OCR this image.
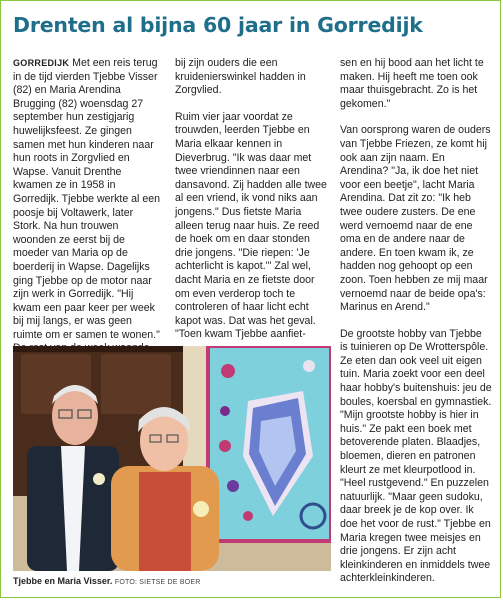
Drenten al bijna 60 jaar in Gorredijk

GORREDIJK Met een reis terug in de tijd vierden Tjebbe Visser (82) en Maria Arendina Brugging (82) woensdag 27 september hun zestigjarig huwelijksfeest. Ze gingen samen met hun kinderen naar hun roots in Zorgvlied en Wapse. Vanuit Drenthe kwamen ze in 1958 in Gorredijk. Tjebbe werkte al een poosje bij Voltawerk, later Stork. Na hun trouwen woonden ze eerst bij de moeder van Maria op de boerderij in Wapse. Dagelijks ging Tjebbe op de motor naar zijn werk in Gorredijk. "Hij kwam een paar keer per week bij mij langs, er was geen ruimte om er samen te wonen."

bij zijn ouders die een kruidenierswinkel hadden in Zorgvlied.

Ruim vier jaar voordat ze trouwden, leerden Tjebbe en Maria elkaar kennen in Dieverbrug. "Ik was daar met twee vriendinnen naar een dansavond. Zij hadden alle twee al een vriend, ik vond niks aan jongens." Dus fietste Maria alleen terug naar huis. Ze reed de hoek om en daar stonden drie jongens. "Die riepen: 'Je achterlicht is kapot.'" Zal wel, dacht Maria en ze fietste door om even verderop toch te controleren of haar licht echt kapot was. Dat was het geval. "Toen kwam Tjebbe aanfiet-

sen en hij bood aan het licht te maken. Hij heeft me toen ook maar thuisgebracht. Zo is het gekomen."

Van oorsprong waren de ouders van Tjebbe Friezen, ze komt hij ook aan zijn naam. En Arendina? "Ja, ik doe het niet voor een beetje", lacht Maria Arendina. Dat zit zo: "Ik heb twee oudere zusters. De ene werd vernoemd naar de ene oma en de andere naar de andere. En toen kwam ik, ze hadden nog gehoopt op een zoon. Toen hebben ze mij maar vernoemd naar de beide opa's: Marinus en Arend."

De grootste hobby van Tjebbe is tuinieren op De Wrotterspôle. Ze eten dan ook veel uit eigen tuin. Maria zoekt voor een deel haar hobby's buitenshuis: jeu de boules, koersbal en gymnastiek. "Mijn grootste hobby is hier in huis." Ze pakt een boek met betoverende platen. Blaadjes, bloemen, dieren en patronen kleurt ze met kleurpotlood in. "Heel rustgevend." En puzzelen natuurlijk. "Maar geen sudoku, daar breek je de kop over. Ik doe het voor de rust." Tjebbe en Maria kregen twee meisjes en drie jongens. Er zijn acht kleinkinderen en inmiddels twee achterkleinkinderen.

Tjebbe en Maria Visser. FOTO: SIETSE DE BOER
